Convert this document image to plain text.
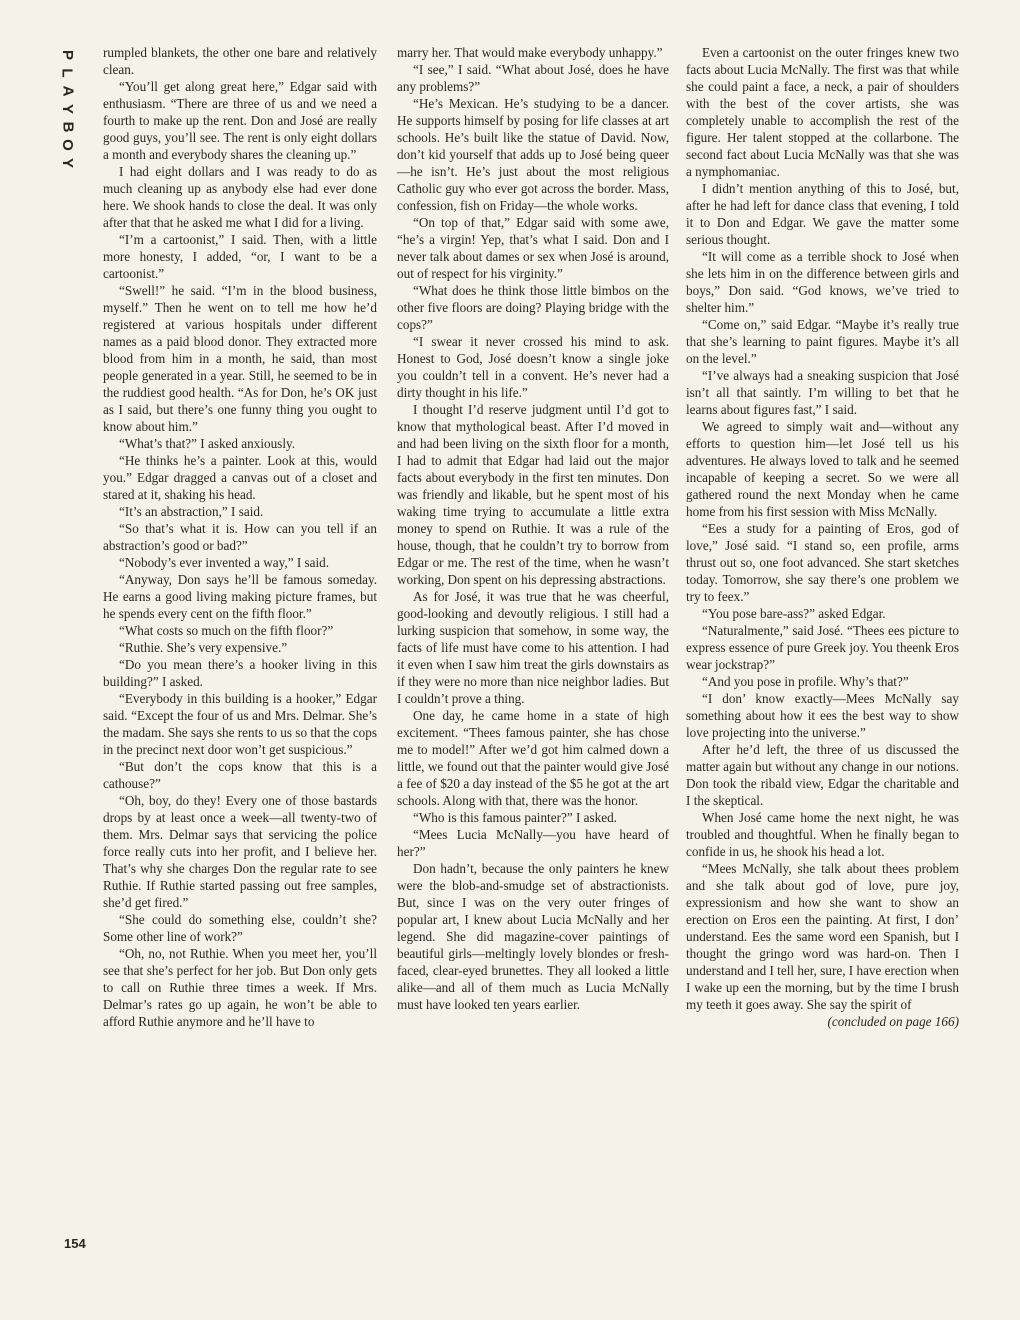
P
L
A
Y
B
O
Y

rumpled blankets, the other one bare and relatively clean.

“You’ll get along great here,” Edgar said with enthusiasm. “There are three of us and we need a fourth to make up the rent. Don and José are really good guys, you’ll see. The rent is only eight dollars a month and everybody shares the cleaning up.”

I had eight dollars and I was ready to do as much cleaning up as anybody else had ever done here. We shook hands to close the deal. It was only after that that he asked me what I did for a living.

“I’m a cartoonist,” I said. Then, with a little more honesty, I added, “or, I want to be a cartoonist.”

“Swell!” he said. “I’m in the blood business, myself.” Then he went on to tell me how he’d registered at various hospitals under different names as a paid blood donor. They extracted more blood from him in a month, he said, than most people generated in a year. Still, he seemed to be in the ruddiest good health. “As for Don, he’s OK just as I said, but there’s one funny thing you ought to know about him.”

“What’s that?” I asked anxiously.

“He thinks he’s a painter. Look at this, would you.” Edgar dragged a canvas out of a closet and stared at it, shaking his head.

“It’s an abstraction,” I said.

“So that’s what it is. How can you tell if an abstraction’s good or bad?”

“Nobody’s ever invented a way,” I said.

“Anyway, Don says he’ll be famous someday. He earns a good living making picture frames, but he spends every cent on the fifth floor.”

“What costs so much on the fifth floor?”

“Ruthie. She’s very expensive.”

“Do you mean there’s a hooker living in this building?” I asked.

“Everybody in this building is a hooker,” Edgar said. “Except the four of us and Mrs. Delmar. She’s the madam. She says she rents to us so that the cops in the precinct next door won’t get suspicious.”

“But don’t the cops know that this is a cathouse?”

“Oh, boy, do they! Every one of those bastards drops by at least once a week—all twenty-two of them. Mrs. Delmar says that servicing the police force really cuts into her profit, and I believe her. That’s why she charges Don the regular rate to see Ruthie. If Ruthie started passing out free samples, she’d get fired.”

“She could do something else, couldn’t she? Some other line of work?”

“Oh, no, not Ruthie. When you meet her, you’ll see that she’s perfect for her job. But Don only gets to call on Ruthie three times a week. If Mrs. Delmar’s rates go up again, he won’t be able to afford Ruthie anymore and he’ll have to

marry her. That would make everybody unhappy.”

“I see,” I said. “What about José, does he have any problems?”

“He’s Mexican. He’s studying to be a dancer. He supports himself by posing for life classes at art schools. He’s built like the statue of David. Now, don’t kid yourself that adds up to José being queer—he isn’t. He’s just about the most religious Catholic guy who ever got across the border. Mass, confession, fish on Friday—the whole works.

“On top of that,” Edgar said with some awe, “he’s a virgin! Yep, that’s what I said. Don and I never talk about dames or sex when José is around, out of respect for his virginity.”

“What does he think those little bimbos on the other five floors are doing? Playing bridge with the cops?”

“I swear it never crossed his mind to ask. Honest to God, José doesn’t know a single joke you couldn’t tell in a convent. He’s never had a dirty thought in his life.”

I thought I’d reserve judgment until I’d got to know that mythological beast. After I’d moved in and had been living on the sixth floor for a month, I had to admit that Edgar had laid out the major facts about everybody in the first ten minutes. Don was friendly and likable, but he spent most of his waking time trying to accumulate a little extra money to spend on Ruthie. It was a rule of the house, though, that he couldn’t try to borrow from Edgar or me. The rest of the time, when he wasn’t working, Don spent on his depressing abstractions.

As for José, it was true that he was cheerful, good-looking and devoutly religious. I still had a lurking suspicion that somehow, in some way, the facts of life must have come to his attention. I had it even when I saw him treat the girls downstairs as if they were no more than nice neighbor ladies. But I couldn’t prove a thing.

One day, he came home in a state of high excitement. “Thees famous painter, she has chose me to model!” After we’d got him calmed down a little, we found out that the painter would give José a fee of $20 a day instead of the $5 he got at the art schools. Along with that, there was the honor.

“Who is this famous painter?” I asked.

“Mees Lucia McNally—you have heard of her?”

Don hadn’t, because the only painters he knew were the blob-and-smudge set of abstractionists. But, since I was on the very outer fringes of popular art, I knew about Lucia McNally and her legend. She did magazine-cover paintings of beautiful girls—meltingly lovely blondes or fresh-faced, clear-eyed brunettes. They all looked a little alike—and all of them much as Lucia McNally must have looked ten years earlier.

Even a cartoonist on the outer fringes knew two facts about Lucia McNally. The first was that while she could paint a face, a neck, a pair of shoulders with the best of the cover artists, she was completely unable to accomplish the rest of the figure. Her talent stopped at the collarbone. The second fact about Lucia McNally was that she was a nymphomaniac.

I didn’t mention anything of this to José, but, after he had left for dance class that evening, I told it to Don and Edgar. We gave the matter some serious thought.

“It will come as a terrible shock to José when she lets him in on the difference between girls and boys,” Don said. “God knows, we’ve tried to shelter him.”

“Come on,” said Edgar. “Maybe it’s really true that she’s learning to paint figures. Maybe it’s all on the level.”

“I’ve always had a sneaking suspicion that José isn’t all that saintly. I’m willing to bet that he learns about figures fast,” I said.

We agreed to simply wait and—without any efforts to question him—let José tell us his adventures. He always loved to talk and he seemed incapable of keeping a secret. So we were all gathered round the next Monday when he came home from his first session with Miss McNally.

“Ees a study for a painting of Eros, god of love,” José said. “I stand so, een profile, arms thrust out so, one foot advanced. She start sketches today. Tomorrow, she say there’s one problem we try to feex.”

“You pose bare-ass?” asked Edgar.

“Naturalmente,” said José. “Thees ees picture to express essence of pure Greek joy. You theenk Eros wear jockstrap?”

“And you pose in profile. Why’s that?”

“I don’ know exactly—Mees McNally say something about how it ees the best way to show love projecting into the universe.”

After he’d left, the three of us discussed the matter again but without any change in our notions. Don took the ribald view, Edgar the charitable and I the skeptical.

When José came home the next night, he was troubled and thoughtful. When he finally began to confide in us, he shook his head a lot.

“Mees McNally, she talk about thees problem and she talk about god of love, pure joy, expressionism and how she want to show an erection on Eros een the painting. At first, I don’ understand. Ees the same word een Spanish, but I thought the gringo word was hard-on. Then I understand and I tell her, sure, I have erection when I wake up een the morning, but by the time I brush my teeth it goes away. She say the spirit of

(concluded on page 166)

154
